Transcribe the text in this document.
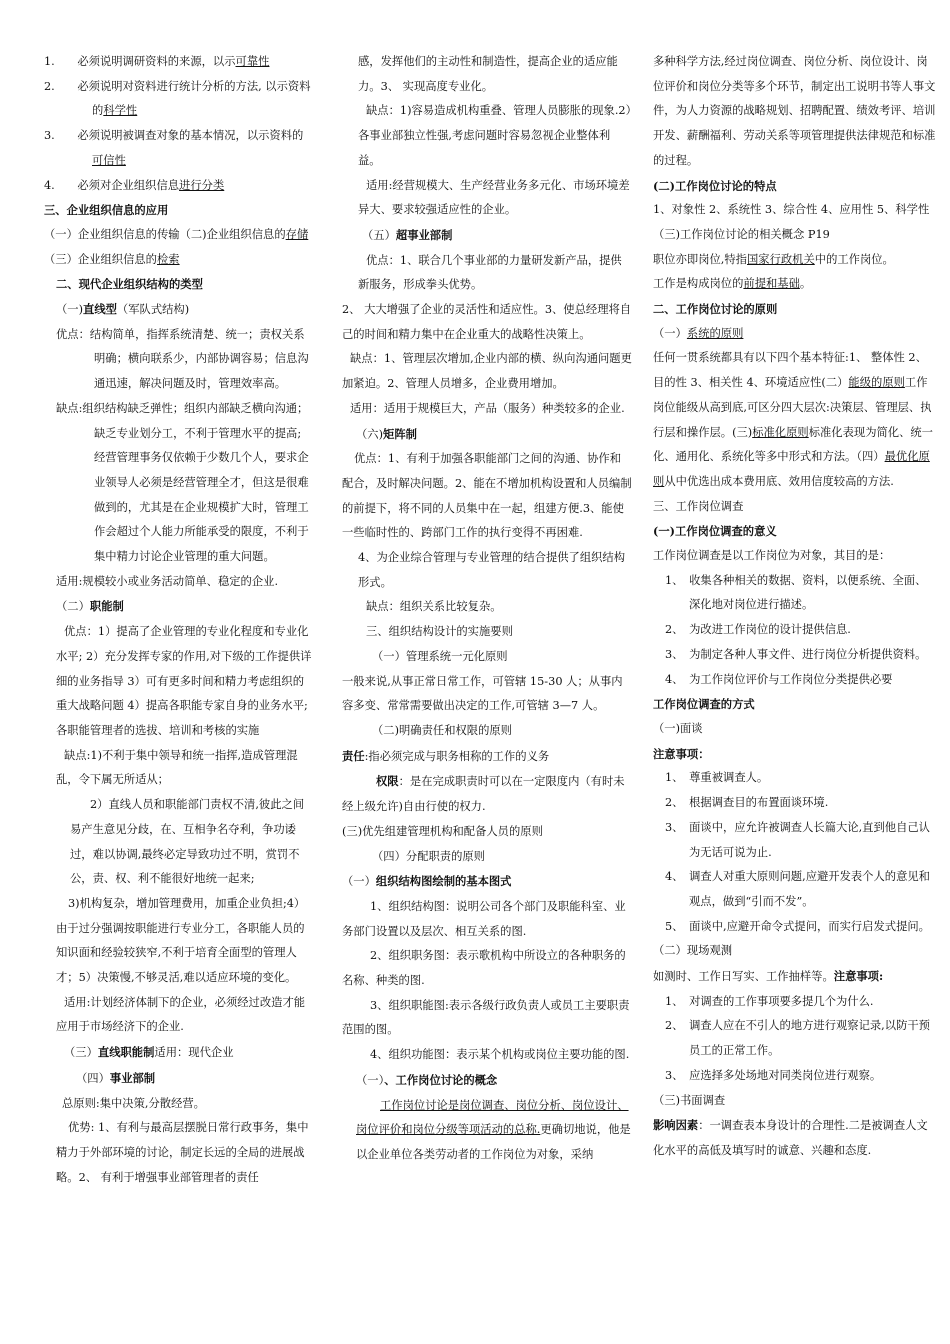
1.　　必须说明调研资料的来源，以示可靠性

2.　　必须说明对资料进行统计分析的方法, 以示资料的科学性

3.　　必须说明被调查对象的基本情况，以示资料的可信性

4.　　必须对企业组织信息进行分类

三、企业组织信息的应用

（一）企业组织信息的传输（二)企业组织信息的存储（三）企业组织信息的检索

二、现代企业组织结构的类型

（一)直线型（军队式结构)

优点：结构简单，指挥系统清楚、统一；责权关系明确；横向联系少，内部协调容易；信息沟通迅速，解决问题及时，管理效率高。

缺点:组织结构缺乏弹性；组织内部缺乏横向沟通；缺乏专业划分工，不利于管理水平的提高;经营管理事务仅依赖于少数几个人，要求企业领导人必须是经营管理全才，但这是很难做到的，尤其是在企业规模扩大时，管理工作会超过个人能力所能承受的限度，不利于集中精力讨论企业管理的重大问题。

适用:规模较小或业务活动简单、稳定的企业.

（二）职能制

优点：1）提高了企业管理的专业化程度和专业化水平; 2）充分发挥专家的作用,对下级的工作提供详细的业务指导 3）可有更多时间和精力考虑组织的重大战略问题 4）提高各职能专家自身的业务水平;各职能管理者的选拔、培训和考核的实施

缺点:1)不利于集中领导和统一指挥,造成管理混乱，令下属无所适从；

2）直线人员和职能部门责权不清,彼此之间易产生意见分歧，在、互相争名夺利，争功诿过，难以协调,最终必定导致功过不明，赏罚不公，责、权、利不能很好地统一起来;

3)机构复杂，增加管理费用，加重企业负担;4）由于过分强调按职能进行专业分工，各职能人员的知识面和经验较狭窄,不利于培育全面型的管理人才；5）决策慢,不够灵活,难以适应环境的变化。

适用:计划经济体制下的企业，必须经过改造才能应用于市场经济下的企业.

（三）直线职能制适用：现代企业

（四）事业部制

总原则:集中决策,分散经营。

优势: 1、有利与最高层摆脱日常行政事务，集中精力于外部环境的讨论，制定长远的全局的进展战略。2、 有利于增强事业部管理者的责任

感，发挥他们的主动性和制造性，提高企业的适应能力。3、 实现高度专业化。

缺点：1)容易造成机构重叠、管理人员膨胀的现象.2）各事业部独立性强,考虑问题时容易忽视企业整体利益。

适用:经营规模大、生产经营业务多元化、市场环境差异大、要求较强适应性的企业。

（五）超事业部制

优点：1、联合几个事业部的力量研发新产品，提供新服务，形成拳头优势。

2、 大大增强了企业的灵活性和适应性。3、使总经理将自己的时间和精力集中在企业重大的战略性决策上。

缺点：1、管理层次增加,企业内部的横、纵向沟通问题更加紧迫。2、管理人员增多，企业费用增加。

适用：适用于规模巨大，产品（服务）种类较多的企业.

（六)矩阵制

优点：1、有利于加强各职能部门之间的沟通、协作和配合，及时解决问题。2、能在不增加机构设置和人员编制的前提下，将不同的人员集中在一起，组建方便.3、能使一些临时性的、跨部门工作的执行变得不再困难.

4、为企业综合管理与专业管理的结合提供了组织结构形式。

缺点：组织关系比较复杂。

三、组织结构设计的实施要则

（一）管理系统一元化原则

一般来说,从事正常日常工作，可管辖 15-30 人；从事内容多变、常常需要做出决定的工作,可管辖 3—7 人。

（二)明确责任和权限的原则

责任:指必须完成与职务相称的工作的义务

权限：是在完成职责时可以在一定限度内（有时未经上级允许)自由行使的权力.

(三)优先组建管理机构和配备人员的原则

（四）分配职责的原则

（一）组织结构图绘制的基本图式

1、组织结构图：说明公司各个部门及职能科室、业务部门设置以及层次、相互关系的图.

2、组织职务图：表示歌机构中所设立的各种职务的名称、种类的图.

3、组织职能图:表示各级行政负责人或员工主要职责范围的图。

4、组织功能图：表示某个机构或岗位主要功能的图.

（一）、工作岗位讨论的概念

工作岗位讨论是岗位调查、岗位分析、岗位设计、岗位评价和岗位分级等项活动的总称.更确切地说，他是以企业单位各类劳动者的工作岗位为对象，采纳

多种科学方法,经过岗位调查、岗位分析、岗位设计、岗位评价和岗位分类等多个环节，制定出工说明书等人事文件，为人力资源的战略规划、招聘配置、绩效考评、培训开发、薪酬福利、劳动关系等项管理提供法律规范和标准的过程。

(二)工作岗位讨论的特点

1、对象性 2、系统性 3、综合性 4、应用性 5、科学性

（三)工作岗位讨论的相关概念 P19

职位亦即岗位,特指国家行政机关中的工作岗位。

工作是构成岗位的前提和基础。

二、工作岗位讨论的原则

（一）系统的原则

任何一贯系统都具有以下四个基本特征:1、 整体性 2、目的性 3、相关性 4、环境适应性(二）能级的原则工作岗位能级从高到底,可区分四大层次:决策层、管理层、执行层和操作层。(三)标准化原则标准化表现为简化、统一化、通用化、系统化等多中形式和方法。（四）最优化原则从中优选出成本费用底、效用信度较高的方法.

三、工作岗位调查

(一)工作岗位调查的意义

工作岗位调查是以工作岗位为对象，其目的是：

1、　收集各种相关的数据、资料，以便系统、全面、深化地对岗位进行描述。

2、　为改进工作岗位的设计提供信息.

3、　为制定各种人事文件、进行岗位分析提供资料。

4、　为工作岗位评价与工作岗位分类提供必要

工作岗位调查的方式

（一)面谈

注意事项：

1、　尊重被调查人。

2、　根据调查目的布置面谈环境.

3、　面谈中，应允许被调查人长篇大论,直到他自己认为无话可说为止.

4、　调查人对重大原则问题,应避开发表个人的意见和观点，做到“引而不发”。

5、　面谈中,应避开命令式提问，而实行启发式提问。

（二）现场观测

如测时、工作日写实、工作抽样等。注意事项:

1、　对调查的工作事项要多提几个为什么.

2、　调查人应在不引人的地方进行观察记录,以防干预员工的正常工作。

3、　应选择多处场地对同类岗位进行观察。

（三)书面调查

影响因素：一调查表本身设计的合理性.二是被调查人文化水平的高低及填写时的诚意、兴趣和态度.
